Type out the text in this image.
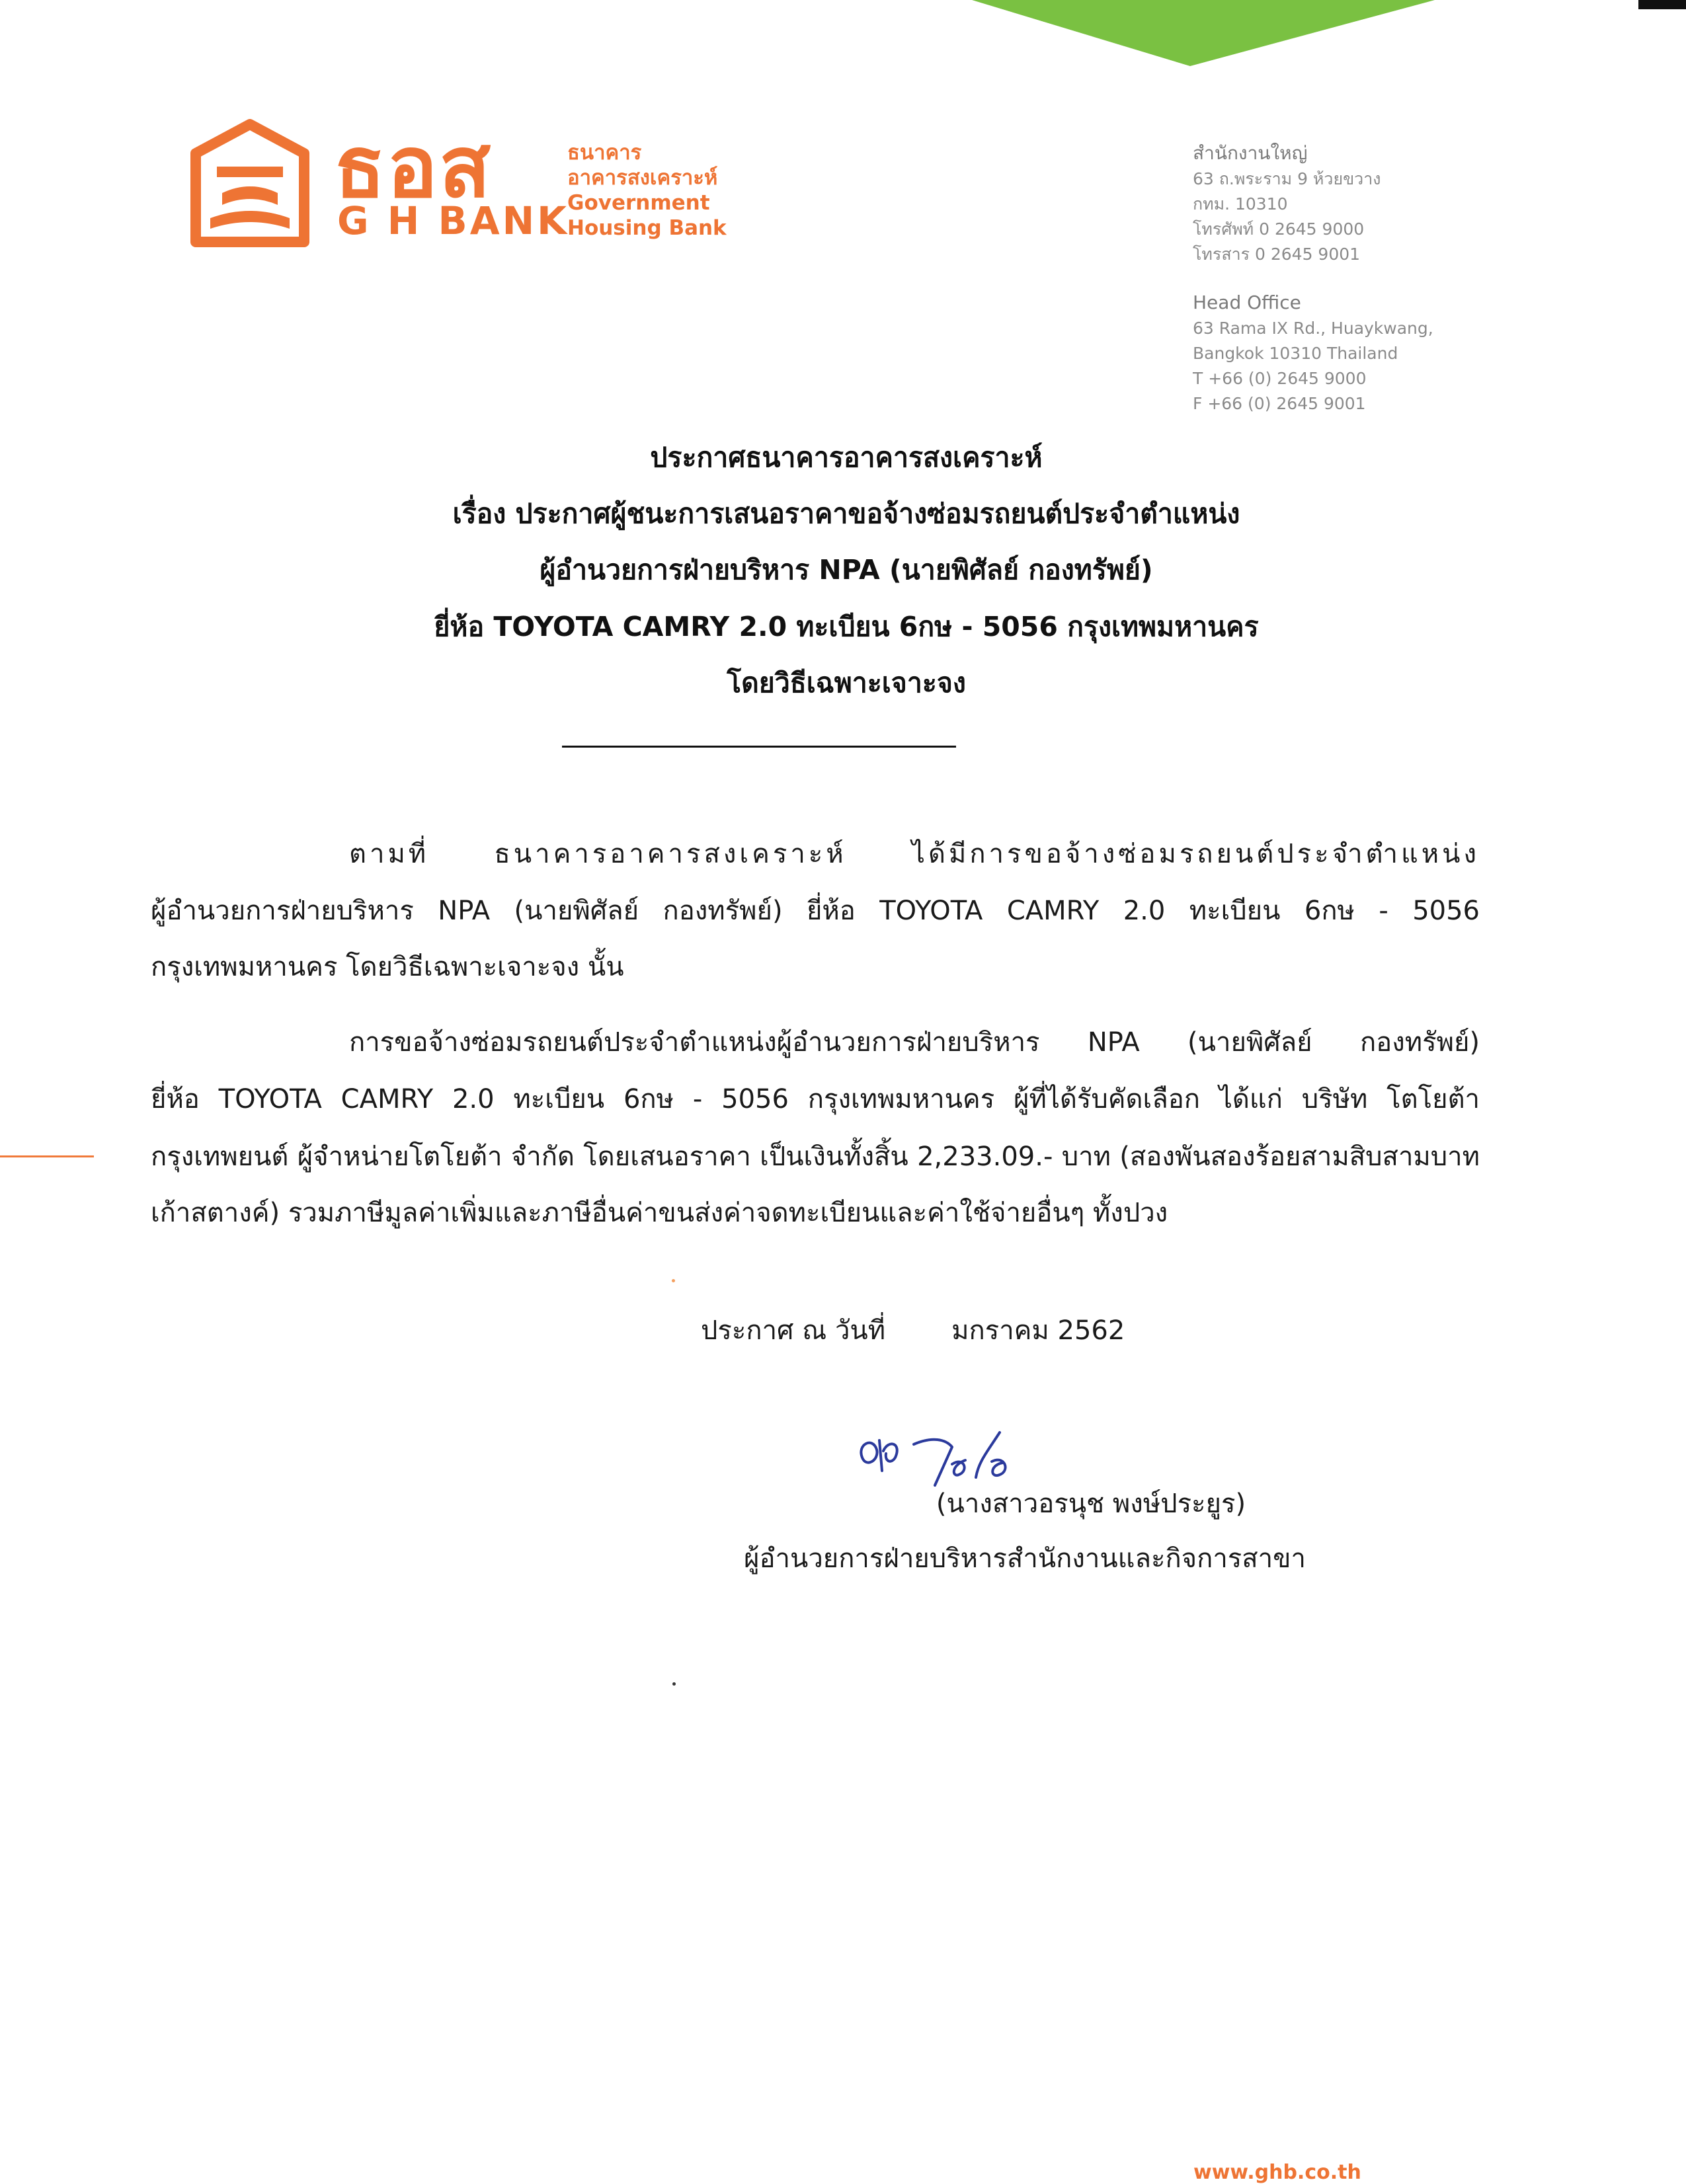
ธอส
G H BANK
ธนาคาร
อาคารสงเคราะห์
Government
Housing Bank
สำนักงานใหญ่
63 ถ.พระราม 9 ห้วยขวาง
กทม. 10310
โทรศัพท์ 0 2645 9000
โทรสาร 0 2645 9001
Head Office
63 Rama IX Rd., Huaykwang,
Bangkok 10310 Thailand
T +66 (0) 2645 9000
F +66 (0) 2645 9001
ประกาศธนาคารอาคารสงเคราะห์
เรื่อง ประกาศผู้ชนะการเสนอราคาขอจ้างซ่อมรถยนต์ประจำตำแหน่ง
ผู้อำนวยการฝ่ายบริหาร NPA (นายพิศัลย์ กองทรัพย์)
ยี่ห้อ TOYOTA CAMRY 2.0 ทะเบียน 6กษ - 5056 กรุงเทพมหานคร
โดยวิธีเฉพาะเจาะจง
ตามที่ ธนาคารอาคารสงเคราะห์ ได้มีการขอจ้างซ่อมรถยนต์ประจำตำแหน่ง
ผู้อำนวยการฝ่ายบริหาร NPA (นายพิศัลย์ กองทรัพย์) ยี่ห้อ TOYOTA CAMRY 2.0 ทะเบียน 6กษ - 5056
กรุงเทพมหานคร โดยวิธีเฉพาะเจาะจง นั้น
การขอจ้างซ่อมรถยนต์ประจำตำแหน่งผู้อำนวยการฝ่ายบริหาร NPA (นายพิศัลย์ กองทรัพย์)
ยี่ห้อ TOYOTA CAMRY 2.0 ทะเบียน 6กษ - 5056 กรุงเทพมหานคร ผู้ที่ได้รับคัดเลือก ได้แก่ บริษัท โตโยต้า
กรุงเทพยนต์ ผู้จำหน่ายโตโยต้า จำกัด โดยเสนอราคา เป็นเงินทั้งสิ้น 2,233.09.- บาท (สองพันสองร้อยสามสิบสามบาท
เก้าสตางค์) รวมภาษีมูลค่าเพิ่มและภาษีอื่นค่าขนส่งค่าจดทะเบียนและค่าใช้จ่ายอื่นๆ ทั้งปวง
ประกาศ ณ วันที่	มกราคม 2562
(นางสาวอรนุช พงษ์ประยูร)
ผู้อำนวยการฝ่ายบริหารสำนักงานและกิจการสาขา
www.ghb.co.th
